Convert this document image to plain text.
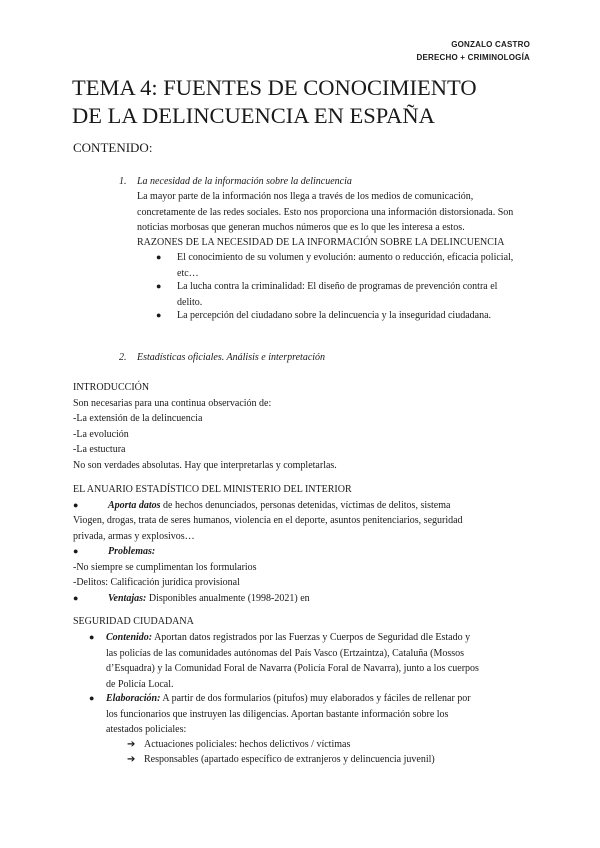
GONZALO CASTRO
DERECHO + CRIMINOLOGÍA
TEMA 4: FUENTES DE CONOCIMIENTO
DE LA DELINCUENCIA EN ESPAÑA
CONTENIDO:
1. La necesidad de la información sobre la delincuencia
La mayor parte de la información nos llega a través de los medios de comunicación,
concretamente de las redes sociales. Esto nos proporciona una información distorsionada. Son
noticias morbosas que generan muchos números que es lo que les interesa a estos.
RAZONES DE LA NECESIDAD DE LA INFORMACIÓN SOBRE LA DELINCUENCIA
●	El conocimiento de su volumen y evolución: aumento o reducción, eficacia policial,
etc…
●	La lucha contra la criminalidad: El diseño de programas de prevención contra el
delito.
●	La percepción del ciudadano sobre la delincuencia y la inseguridad ciudadana.
2. Estadísticas oficiales. Análisis e interpretación
INTRODUCCIÓN
Son necesarias para una continua observación de:
-La extensión de la delincuencia
-La evolución
-La estuctura
No son verdades absolutas. Hay que interpretarlas y completarlas.
EL ANUARIO ESTADÍSTICO DEL MINISTERIO DEL INTERIOR
●	Aporta datos de hechos denunciados, personas detenidas, víctimas de delitos, sistema
Viogen, drogas, trata de seres humanos, violencia en el deporte, asuntos penitenciarios, seguridad
privada, armas y explosivos…
●	Problemas:
-No siempre se cumplimentan los formularios
-Delitos: Calificación jurídica provisional
●	Ventajas: Disponibles anualmente (1998-2021) en
SEGURIDAD CIUDADANA
●	Contenido: Aportan datos registrados por las Fuerzas y Cuerpos de Seguridad dle Estado y
las policías de las comunidades autónomas del País Vasco (Ertzaintza), Cataluña (Mossos
d’Esquadra) y la Comunidad Foral de Navarra (Policía Foral de Navarra), junto a los cuerpos
de Policía Local.
●	Elaboración: A partir de dos formularios (pitufos) muy elaborados y fáciles de rellenar por
los funcionarios que instruyen las diligencias. Aportan bastante información sobre los
atestados policiales:
➔ Actuaciones policiales: hechos delictivos / víctimas
➔ Responsables (apartado específico de extranjeros y delincuencia juvenil)
